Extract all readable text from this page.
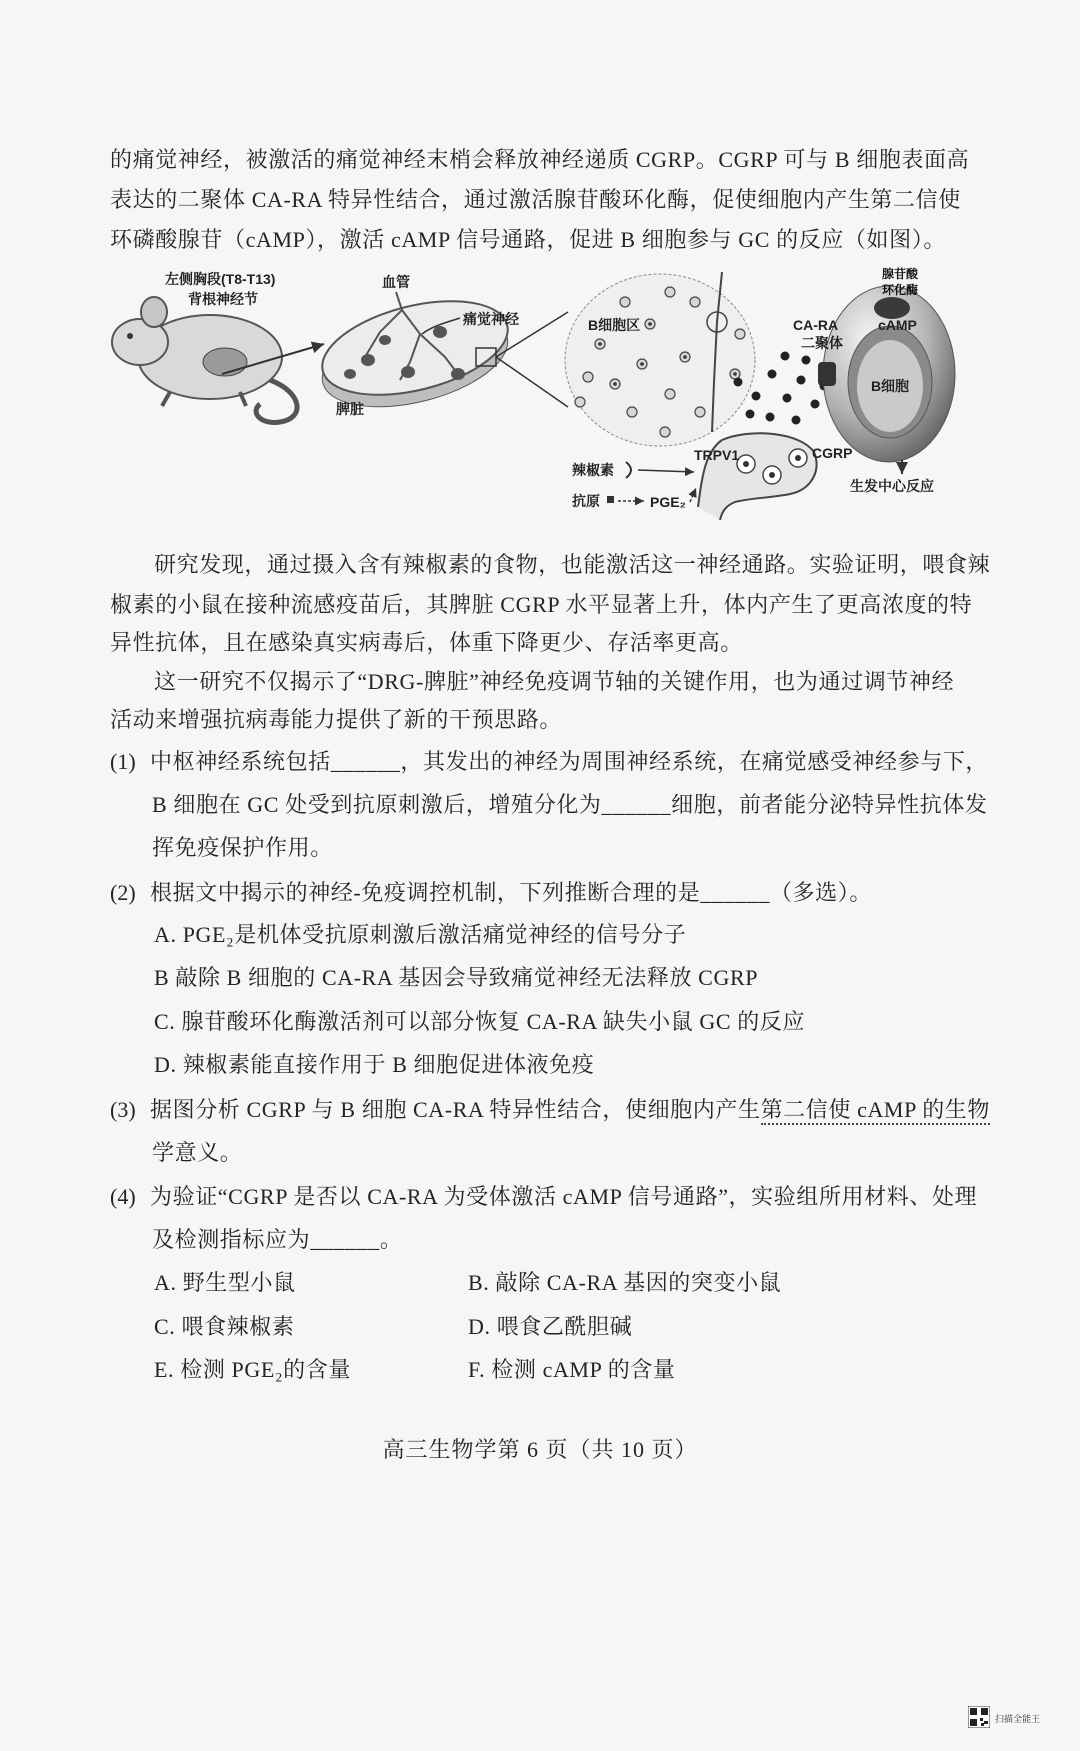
的痛觉神经，被激活的痛觉神经末梢会释放神经递质 CGRP。CGRP 可与 B 细胞表面高
表达的二聚体 CA-RA 特异性结合，通过激活腺苷酸环化酶，促使细胞内产生第二信使
环磷酸腺苷（cAMP），激活 cAMP 信号通路，促进 B 细胞参与 GC 的反应（如图）。
左侧胸段(T8-T13)
背根神经节
血管
痛觉神经
脾脏
B细胞区
TRPV1	CGRP
腺苷酸
环化酶
CA-RA
二聚体
cAMP
B细胞
生发中心反应
辣椒素
抗原	PGE₂
研究发现，通过摄入含有辣椒素的食物，也能激活这一神经通路。实验证明，喂食辣
椒素的小鼠在接种流感疫苗后，其脾脏 CGRP 水平显著上升，体内产生了更高浓度的特
异性抗体，且在感染真实病毒后，体重下降更少、存活率更高。
这一研究不仅揭示了“DRG-脾脏”神经免疫调节轴的关键作用，也为通过调节神经
活动来增强抗病毒能力提供了新的干预思路。
(1) 中枢神经系统包括______，其发出的神经为周围神经系统，在痛觉感受神经参与下，
B 细胞在 GC 处受到抗原刺激后，增殖分化为______细胞，前者能分泌特异性抗体发
挥免疫保护作用。
(2) 根据文中揭示的神经-免疫调控机制，下列推断合理的是______（多选）。
A. PGE₂是机体受抗原刺激后激活痛觉神经的信号分子
B 敲除 B 细胞的 CA-RA 基因会导致痛觉神经无法释放 CGRP
C. 腺苷酸环化酶激活剂可以部分恢复 CA-RA 缺失小鼠 GC 的反应
D. 辣椒素能直接作用于 B 细胞促进体液免疫
(3) 据图分析 CGRP 与 B 细胞 CA-RA 特异性结合，使细胞内产生第二信使 cAMP 的生物
学意义。
(4) 为验证“CGRP 是否以 CA-RA 为受体激活 cAMP 信号通路”，实验组所用材料、处理
及检测指标应为______。
A. 野生型小鼠	B. 敲除 CA-RA 基因的突变小鼠
C. 喂食辣椒素	D. 喂食乙酰胆碱
E. 检测 PGE₂的含量	F. 检测 cAMP 的含量
高三生物学第 6 页（共 10 页）
扫描全能王
